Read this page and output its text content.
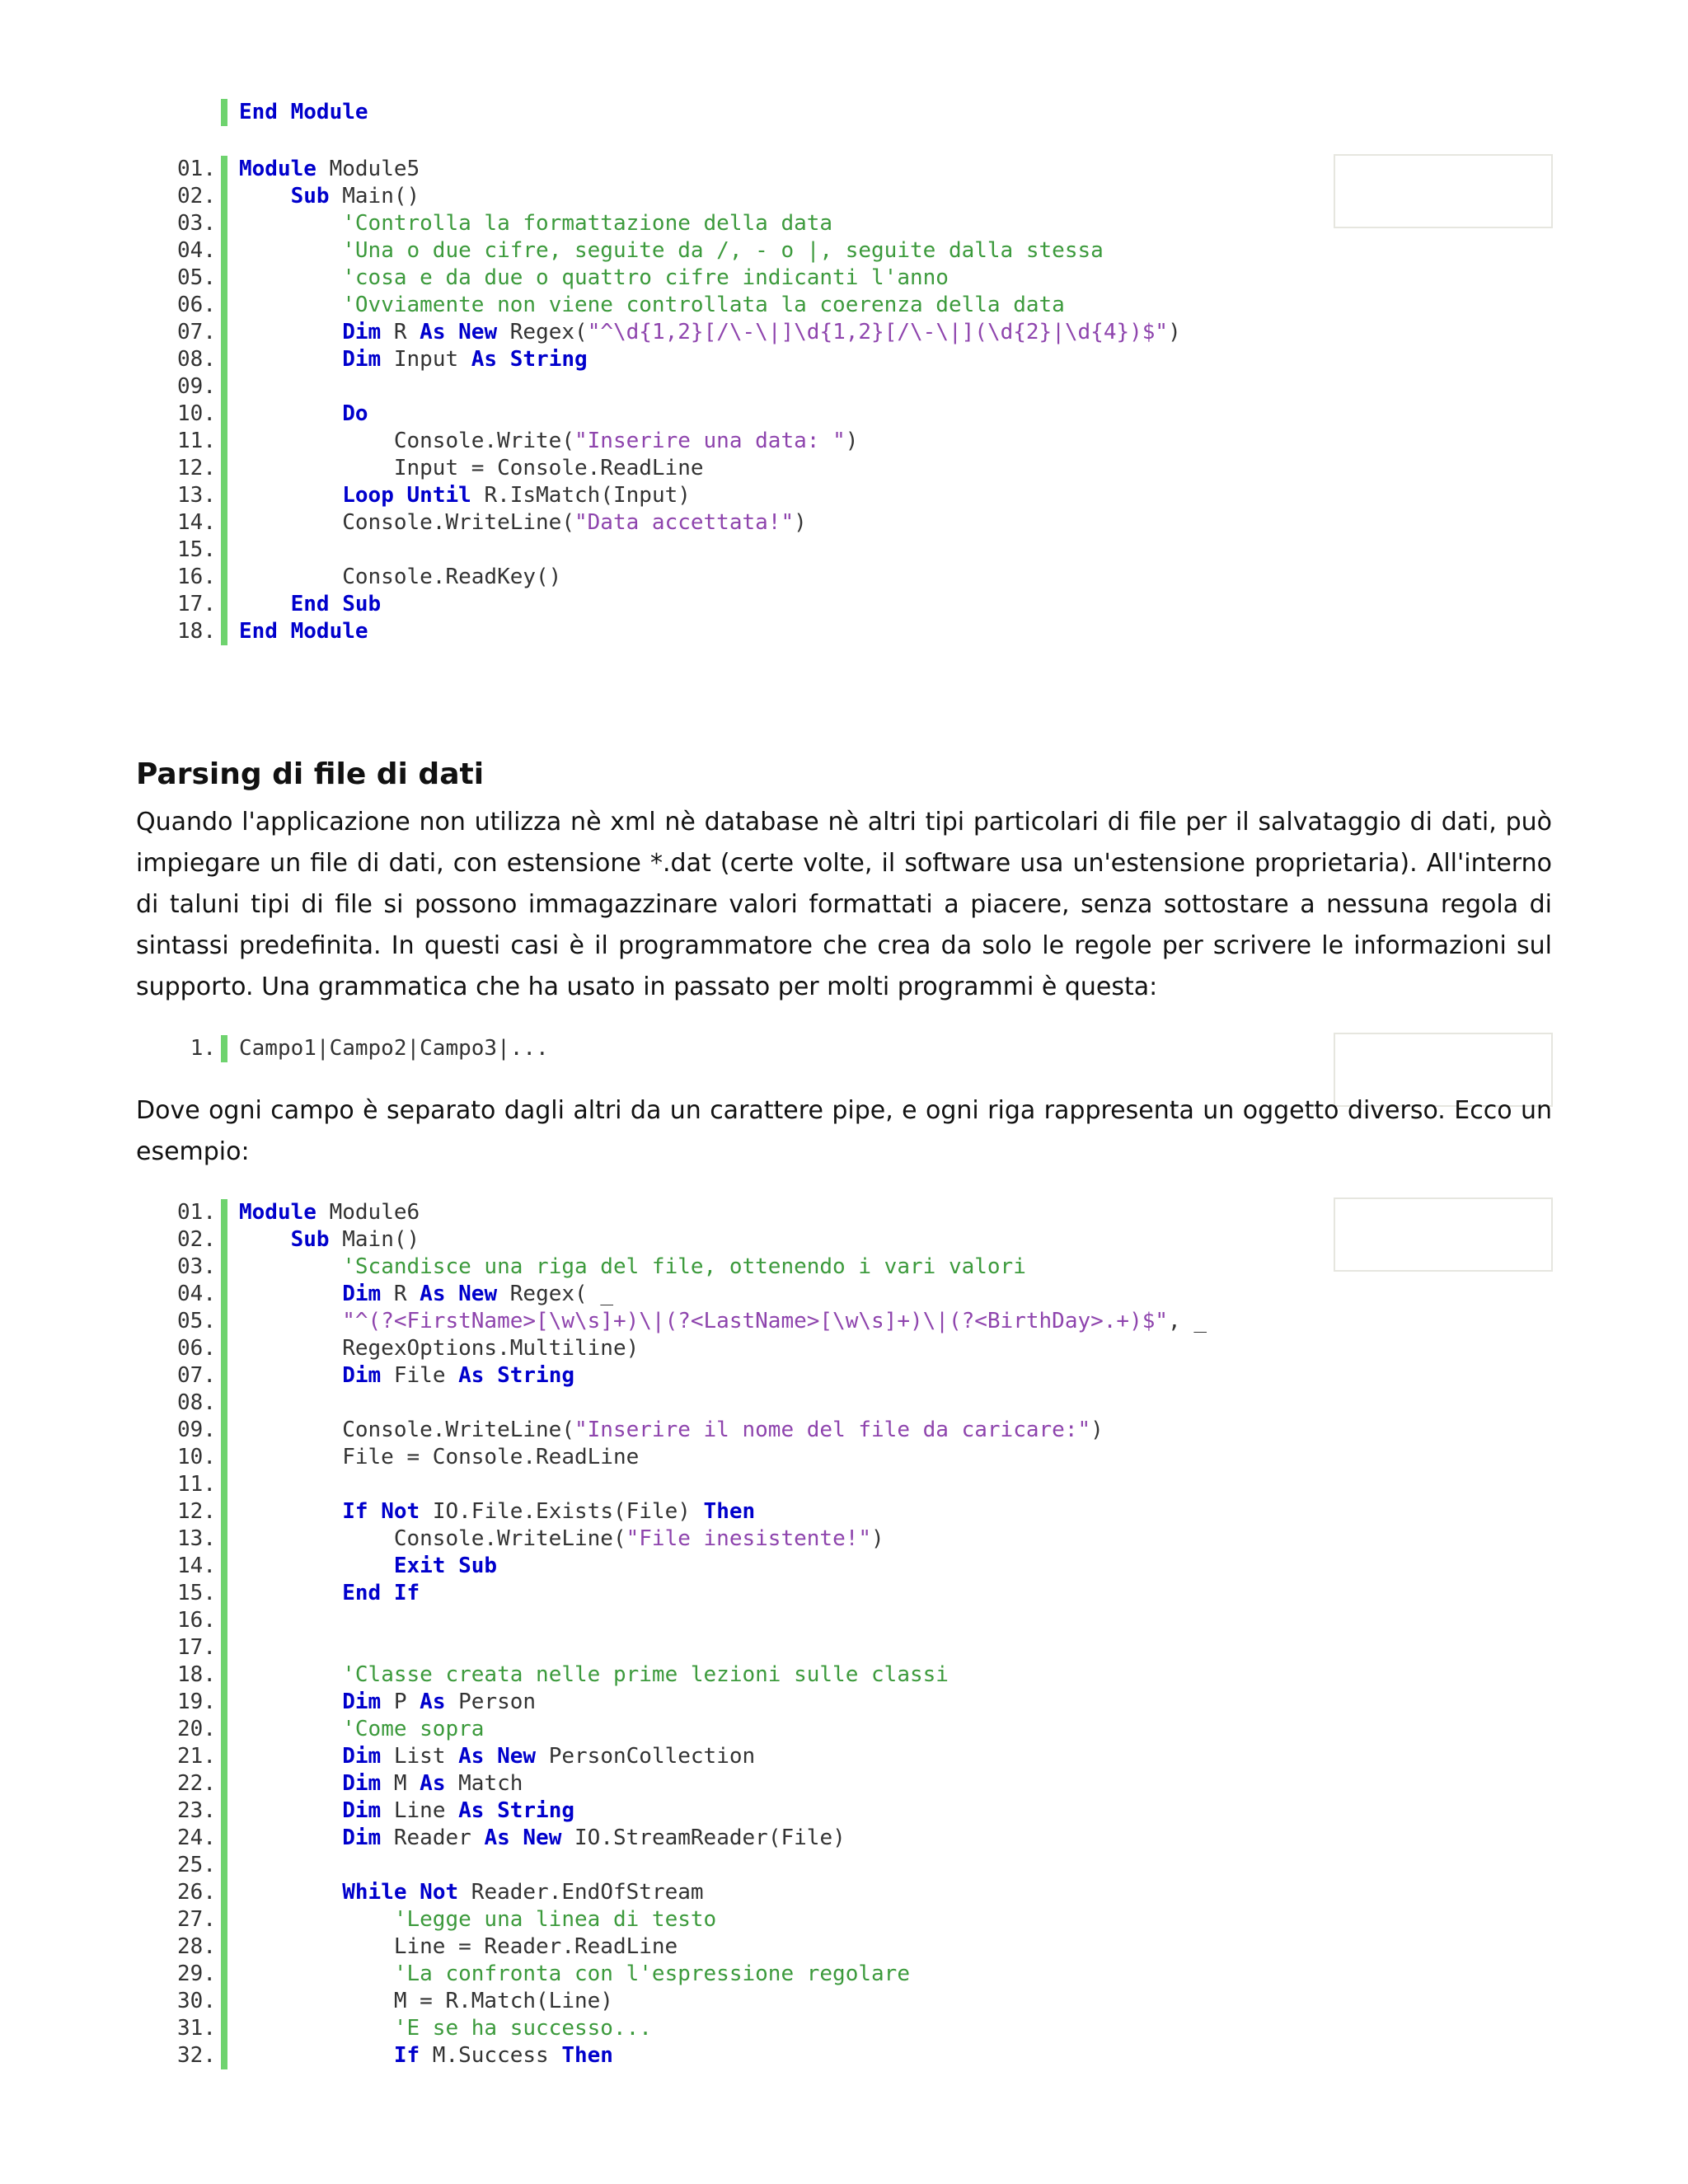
End Module
01. Module Module5
02.	Sub Main()
03.	'Controlla la formattazione della data
04.	'Una o due cifre, seguite da /, - o |, seguite dalla stessa
05.	'cosa e da due o quattro cifre indicanti l'anno
06.	'Ovviamente non viene controllata la coerenza della data
07.	Dim R As New Regex("^\d{1,2}[/\-\|]\d{1,2}[/\-\|](\d{2}|\d{4})$")
08.	Dim Input As String
09.
10.	Do
11. Console.Write("Inserire una data: ")
12. Input = Console.ReadLine
13.	Loop Until R.IsMatch(Input)
14. Console.WriteLine("Data accettata!")
15.
16. Console.ReadKey()
17.	End Sub
18. End Module
Parsing di file di dati

Quando l'applicazione non utilizza nè xml nè database nè altri tipi particolari di file per il salvataggio di dati, può impiegare un file di dati, con estensione *.dat (certe volte, il software usa un'estensione proprietaria). All'interno di taluni tipi di file si possono immagazzinare valori formattati a piacere, senza sottostare a nessuna regola di sintassi predefinita. In questi casi è il programmatore che crea da solo le regole per scrivere le informazioni sul supporto. Una grammatica che ha usato in passato per molti programmi è questa:

1. Campo1|Campo2|Campo3|...

Dove ogni campo è separato dagli altri da un carattere pipe, e ogni riga rappresenta un oggetto diverso. Ecco un esempio:

01. Module Module6
02.	Sub Main()
03.	'Scandisce una riga del file, ottenendo i vari valori
04.	Dim R As New Regex( _
05.	"^(?<FirstName>[\w\s]+)\|(?<LastName>[\w\s]+)\|(?<BirthDay>.+)$", _
06. RegexOptions.Multiline)
07.	Dim File As String
08.
09. Console.WriteLine("Inserire il nome del file da caricare:")
10. File = Console.ReadLine
11.
12.	If Not IO.File.Exists(File) Then
13. Console.WriteLine("File inesistente!")
14.	Exit Sub
15.	End If
16.
17.
18.	'Classe creata nelle prime lezioni sulle classi
19.	Dim P As Person
20.	'Come sopra
21.	Dim List As New PersonCollection
22.	Dim M As Match
23.	Dim Line As String
24.	Dim Reader As New IO.StreamReader(File)
25.
26.	While Not Reader.EndOfStream
27.	'Legge una linea di testo
28. Line = Reader.ReadLine
29.	'La confronta con l'espressione regolare
30. M = R.Match(Line)
31.	'E se ha successo...
32.	If M.Success Then
